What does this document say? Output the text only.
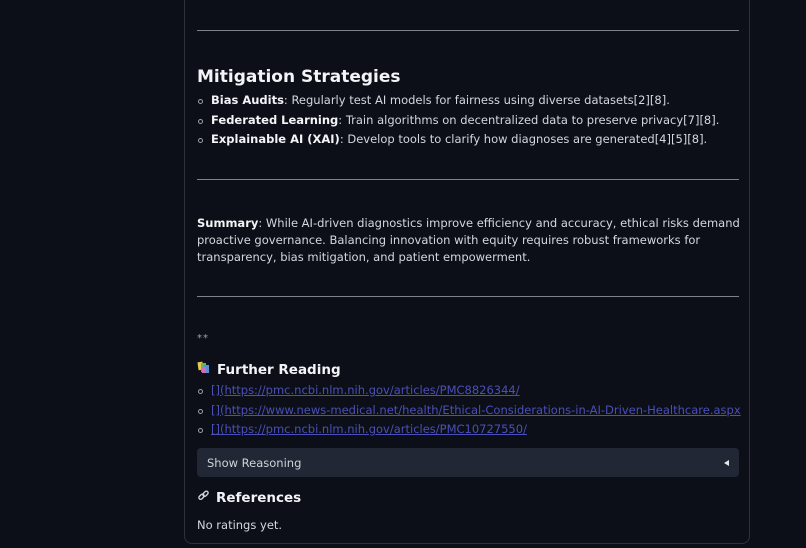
Mitigation Strategies
Bias Audits: Regularly test AI models for fairness using diverse datasets[2][8].
Federated Learning: Train algorithms on decentralized data to preserve privacy[7][8].
Explainable AI (XAI): Develop tools to clarify how diagnoses are generated[4][5][8].
Summary: While AI-driven diagnostics improve efficiency and accuracy, ethical risks demand proactive governance. Balancing innovation with equity requires robust frameworks for transparency, bias mitigation, and patient empowerment.
**
Further Reading
[](https://pmc.ncbi.nlm.nih.gov/articles/PMC8826344/
[](https://www.news-medical.net/health/Ethical-Considerations-in-AI-Driven-Healthcare.aspx
[](https://pmc.ncbi.nlm.nih.gov/articles/PMC10727550/
Show Reasoning
References
No ratings yet.
